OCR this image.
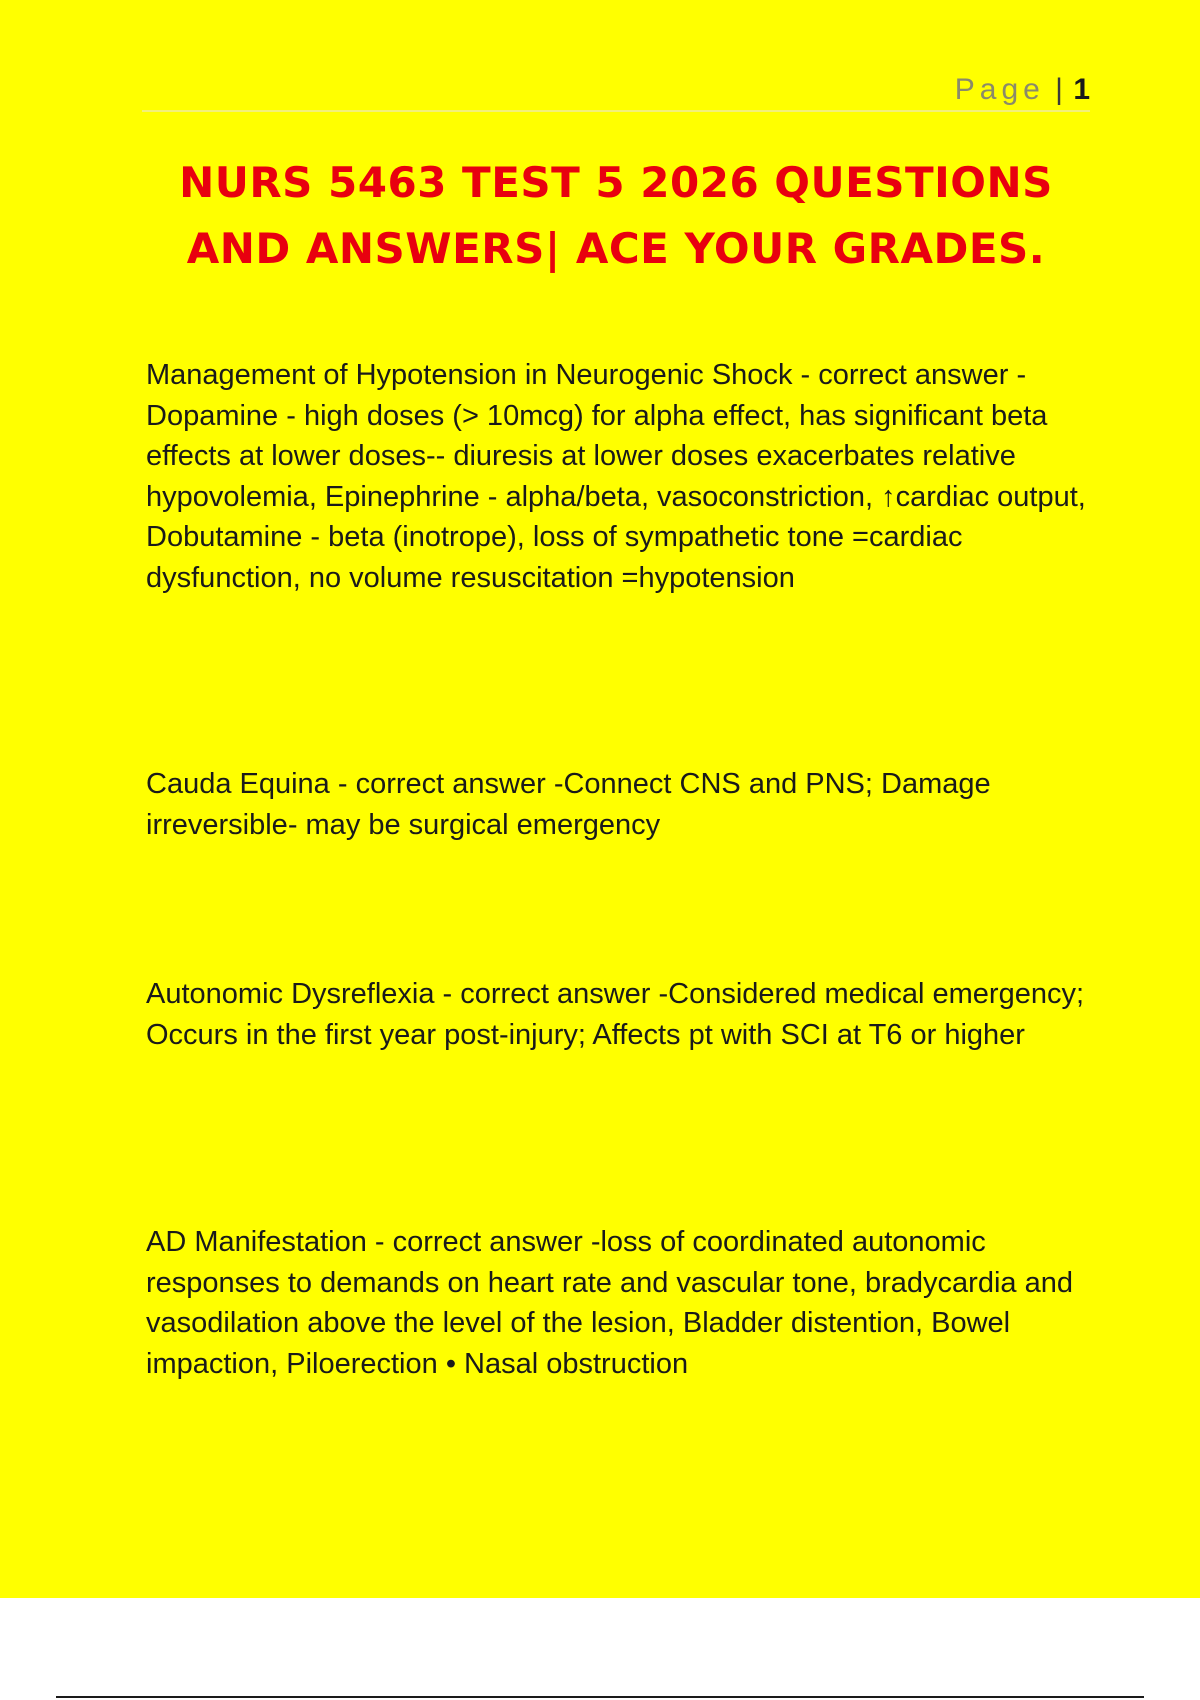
Page | 1
NURS 5463 TEST 5 2026 QUESTIONS
AND ANSWERS| ACE YOUR GRADES.

Management of Hypotension in Neurogenic Shock - correct answer -Dopamine - high doses (> 10mcg) for alpha effect, has significant beta effects at lower doses-- diuresis at lower doses exacerbates relative hypovolemia, Epinephrine - alpha/beta, vasoconstriction, ↑cardiac output, Dobutamine - beta (inotrope), loss of sympathetic tone =cardiac dysfunction, no volume resuscitation =hypotension

Cauda Equina - correct answer -Connect CNS and PNS; Damage irreversible- may be surgical emergency

Autonomic Dysreflexia - correct answer -Considered medical emergency; Occurs in the first year post-injury; Affects pt with SCI at T6 or higher

AD Manifestation - correct answer -loss of coordinated autonomic responses to demands on heart rate and vascular tone, bradycardia and vasodilation above the level of the lesion, Bladder distention, Bowel impaction, Piloerection • Nasal obstruction
